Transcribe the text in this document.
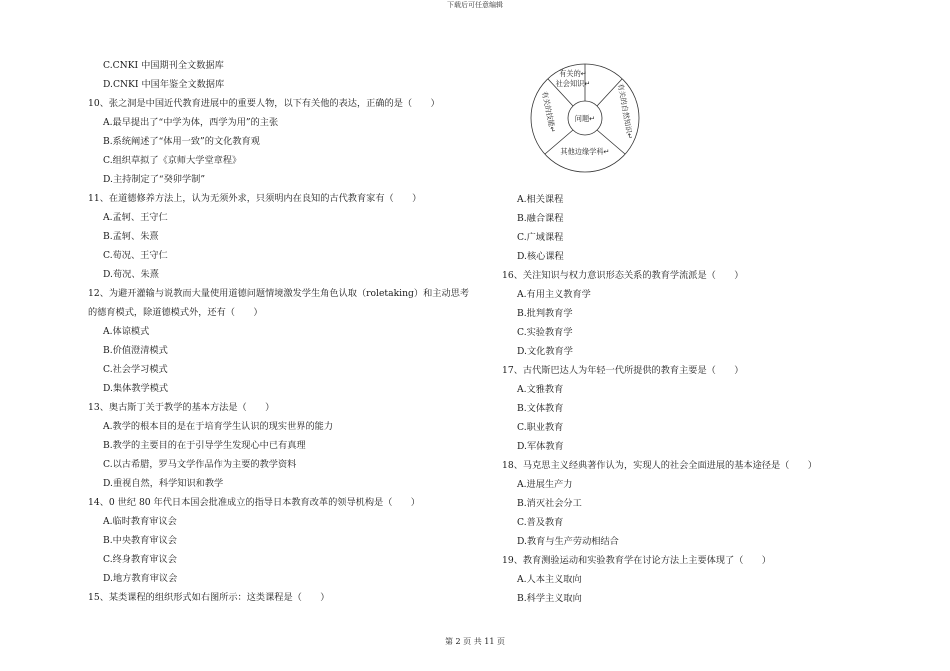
下载后可任意编辑
C.CNKI 中国期刊全文数据库
D.CNKI 中国年鉴全文数据库
10、张之洞是中国近代教育进展中的重要人物，以下有关他的表达，正确的是（　　）
A.最早提出了“中学为体，西学为用”的主张
B.系统阐述了“体用一致”的文化教育观
C.组织草拟了《京师大学堂章程》
D.主持制定了“癸卯学制”
11、在道德修养方法上，认为无须外求，只须明内在良知的古代教育家有（　　）
A.孟轲、王守仁
B.孟轲、朱熹
C.荀况、王守仁
D.荀况、朱熹
12、为避开灌输与说教而大量使用道德问题情境激发学生角色认取（roletaking）和主动思考
的德育模式，除道德模式外，还有（　　）
A.体谅模式
B.价值澄清模式
C.社会学习模式
D.集体教学模式
13、奥古斯丁关于教学的基本方法是（　　）
A.教学的根本目的是在于培育学生认识的现实世界的能力
B.教学的主要目的在于引导学生发现心中已有真理
C.以古希腊，罗马文学作品作为主要的教学资料
D.重视自然，科学知识和教学
14、0 世纪 80 年代日本国会批准成立的指导日本教育改革的领导机构是（　　）
A.临时教育审议会
B.中央教育审议会
C.终身教育审议会
D.地方教育审议会
15、某类课程的组织形式如右图所示：这类课程是（　　）
A.相关课程
B.融合课程
C.广域课程
D.核心课程
16、关注知识与权力意识形态关系的教育学流派是（　　）
A.有用主义教育学
B.批判教育学
C.实验教育学
D.文化教育学
17、古代斯巴达人为年轻一代所提供的教育主要是（　　）
A.文雅教育
B.文体教育
C.职业教育
D.军体教育
18、马克思主义经典著作认为，实现人的社会全面进展的基本途径是（　　）
A.进展生产力
B.消灭社会分工
C.普及教育
D.教育与生产劳动相结合
19、教育测验运动和实验教育学在讨论方法上主要体现了（　　）
A.人本主义取向
B.科学主义取向
问题↵
有关的↵
社会知识↵	有关的自然知识↵
其他边缘学科↵
有关的技能↵
第 2 页 共 11 页
